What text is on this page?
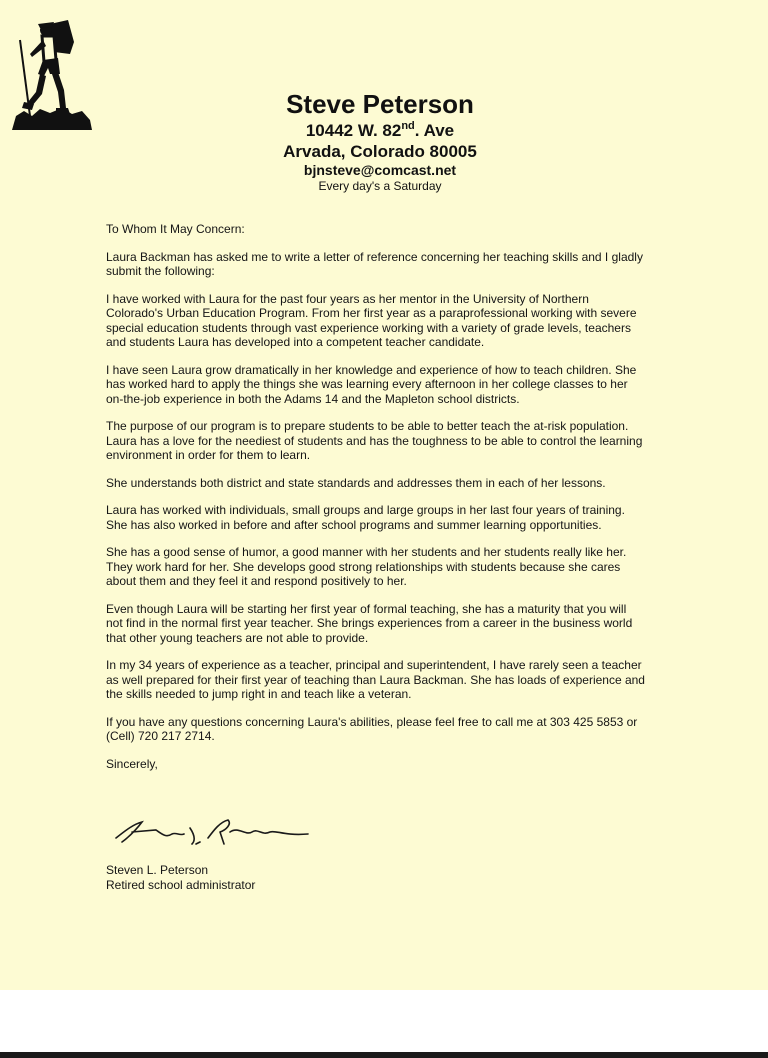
Steve Peterson
10442 W. 82nd. Ave
Arvada, Colorado 80005
bjnsteve@comcast.net
Every day's a Saturday

To Whom It May Concern:

Laura Backman has asked me to write a letter of reference concerning her teaching skills and I gladly submit the following:

I have worked with Laura for the past four years as her mentor in the University of Northern Colorado's Urban Education Program. From her first year as a paraprofessional working with severe special education students through vast experience working with a variety of grade levels, teachers and students Laura has developed into a competent teacher candidate.

I have seen Laura grow dramatically in her knowledge and experience of how to teach children. She has worked hard to apply the things she was learning every afternoon in her college classes to her on-the-job experience in both the Adams 14 and the Mapleton school districts.

The purpose of our program is to prepare students to be able to better teach the at-risk population. Laura has a love for the neediest of students and has the toughness to be able to control the learning environment in order for them to learn.

She understands both district and state standards and addresses them in each of her lessons.

Laura has worked with individuals, small groups and large groups in her last four years of training. She has also worked in before and after school programs and summer learning opportunities.

She has a good sense of humor, a good manner with her students and her students really like her. They work hard for her. She develops good strong relationships with students because she cares about them and they feel it and respond positively to her.

Even though Laura will be starting her first year of formal teaching, she has a maturity that you will not find in the normal first year teacher. She brings experiences from a career in the business world that other young teachers are not able to provide.

In my 34 years of experience as a teacher, principal and superintendent, I have rarely seen a teacher as well prepared for their first year of teaching than Laura Backman. She has loads of experience and the skills needed to jump right in and teach like a veteran.

If you have any questions concerning Laura's abilities, please feel free to call me at 303 425 5853 or (Cell) 720 217 2714.

Sincerely,

Steven L. Peterson
Retired school administrator
